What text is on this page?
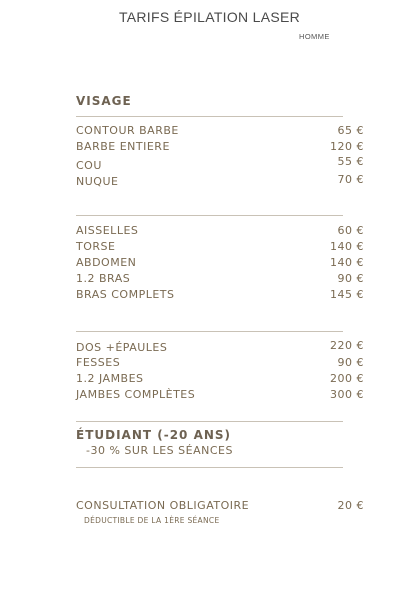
TARIFS ÉPILATION LASER
HOMME
VISAGE
CONTOUR BARBE	65 €
BARBE ENTIERE	120 €
COU	55 €
NUQUE	70 €
AISSELLES	60 €
TORSE	140 €
ABDOMEN	140 €
1.2 BRAS	90 €
BRAS COMPLETS	145 €
DOS +ÉPAULES	220 €
FESSES	90 €
1.2 JAMBES	200 €
JAMBES COMPLÈTES	300 €
ÉTUDIANT (-20 ANS)
-30 % SUR LES SÉANCES
CONSULTATION OBLIGATOIRE	20 €
DÉDUCTIBLE DE LA 1ÈRE SÉANCE
